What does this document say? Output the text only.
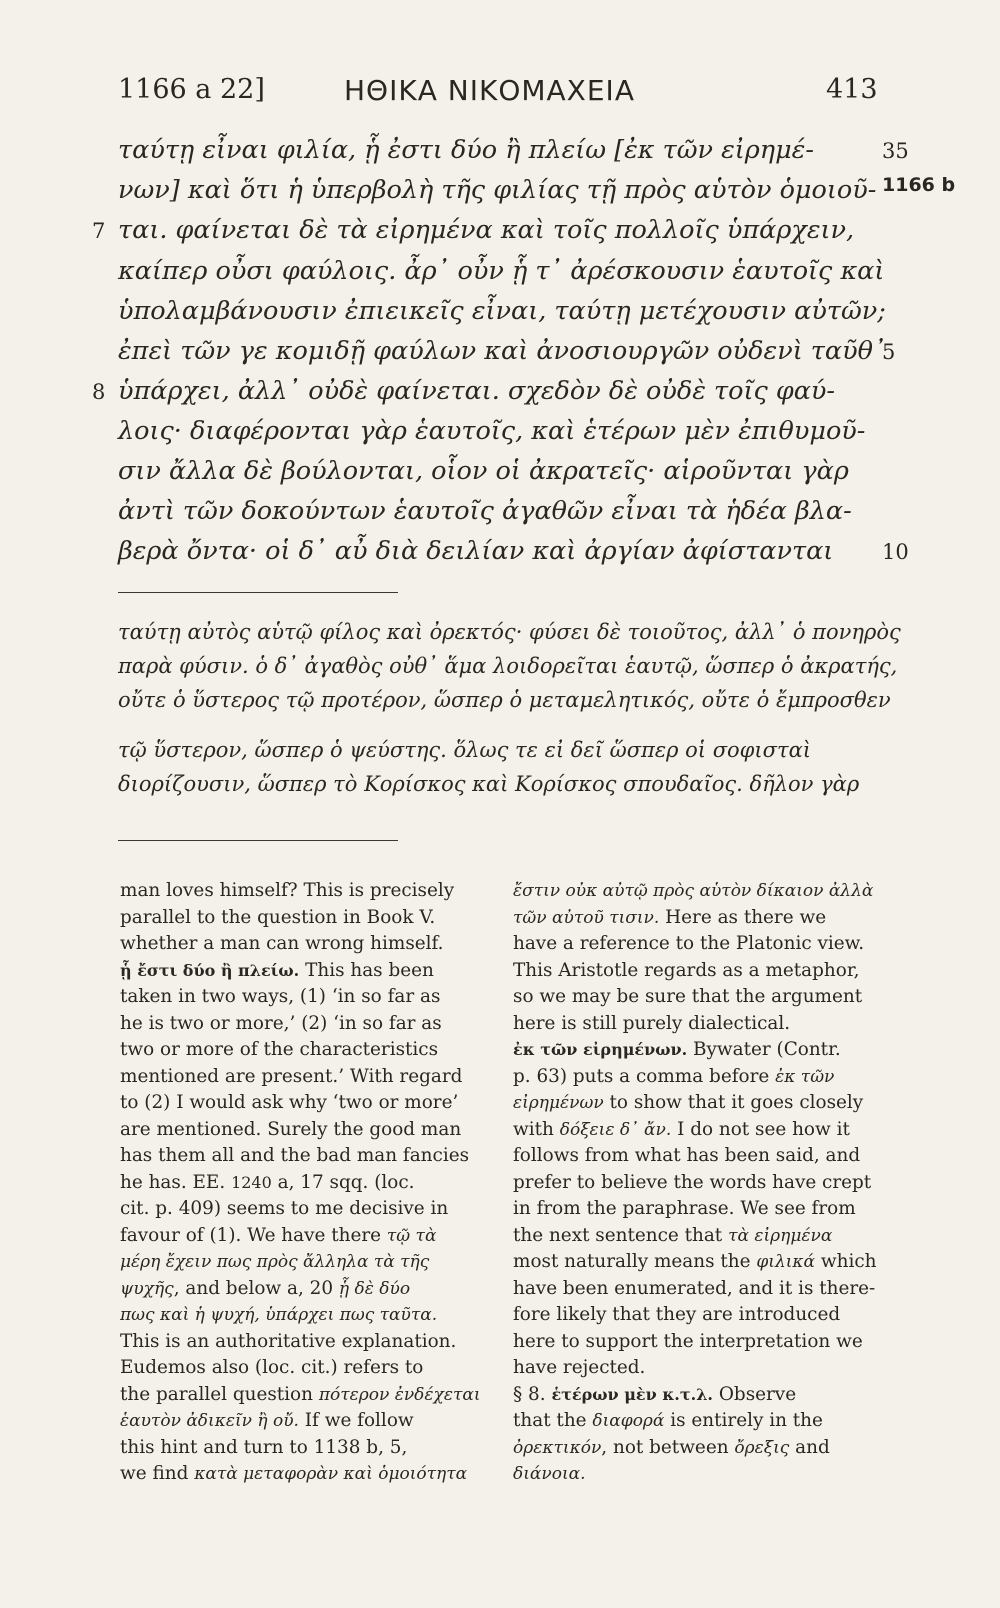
1166 a 22]	ΗΘΙΚΑ ΝΙΚΟΜΑΧΕΙΑ	413
ταύτῃ εἶναι φιλία, ᾗ ἐστι δύο ἢ πλείω [ἐκ τῶν εἰρημέ-
νων] καὶ ὅτι ἡ ὑπερβολὴ τῆς φιλίας τῇ πρὸς αὑτὸν ὁμοιοῦ-
ται. φαίνεται δὲ τὰ εἰρημένα καὶ τοῖς πολλοῖς ὑπάρχειν,
καίπερ οὖσι φαύλοις. ἆρ᾽ οὖν ᾗ τ᾽ ἀρέσκουσιν ἑαυτοῖς καὶ
ὑπολαμβάνουσιν ἐπιεικεῖς εἶναι, ταύτῃ μετέχουσιν αὐτῶν;
ἐπεὶ τῶν γε κομιδῇ φαύλων καὶ ἀνοσιουργῶν οὐδενὶ ταῦθ᾽
ὑπάρχει, ἀλλ᾽ οὐδὲ φαίνεται. σχεδὸν δὲ οὐδὲ τοῖς φαύ-
λοις· διαφέρονται γὰρ ἑαυτοῖς, καὶ ἑτέρων μὲν ἐπιθυμοῦ-
σιν ἄλλα δὲ βούλονται, οἷον οἱ ἀκρατεῖς· αἱροῦνται γὰρ
ἀντὶ τῶν δοκούντων ἑαυτοῖς ἀγαθῶν εἶναι τὰ ἡδέα βλα-
βερὰ ὄντα· οἱ δ᾽ αὖ διὰ δειλίαν καὶ ἀργίαν ἀφίστανται
7
8
35
1166 b
5
10
ταύτῃ αὐτὸς αὑτῷ φίλος καὶ ὀρεκτός· φύσει δὲ τοιοῦτος, ἀλλ᾽ ὁ πονηρὸς
παρὰ φύσιν. ὁ δ᾽ ἀγαθὸς οὐθ᾽ ἅμα λοιδορεῖται ἑαυτῷ, ὥσπερ ὁ ἀκρατής,
οὔτε ὁ ὕστερος τῷ προτέρον, ὥσπερ ὁ μεταμελητικός, οὔτε ὁ ἔμπροσθεν
τῷ ὕστερον, ὥσπερ ὁ ψεύστης. ὅλως τε εἰ δεῖ ὥσπερ οἱ σοφισταὶ
διορίζουσιν, ὥσπερ τὸ Κορίσκος καὶ Κορίσκος σπουδαῖος. δῆλον γὰρ
man loves himself? This is precisely
parallel to the question in Book V.
whether a man can wrong himself.
ᾗ ἔστι δύο ἢ πλείω. This has been
taken in two ways, (1) ‘in so far as
he is two or more,’ (2) ‘in so far as
two or more of the characteristics
mentioned are present.’ With regard
to (2) I would ask why ‘two or more’
are mentioned. Surely the good man
has them all and the bad man fancies
he has. EE. 1240 a, 17 sqq. (loc.
cit. p. 409) seems to me decisive in
favour of (1). We have there τῷ τὰ
μέρη ἔχειν πως πρὸς ἄλληλα τὰ τῆς
ψυχῆς, and below a, 20 ᾗ δὲ δύο
πως καὶ ἡ ψυχή, ὑπάρχει πως ταῦτα.
This is an authoritative explanation.
Eudemos also (loc. cit.) refers to
the parallel question πότερον ἐνδέχεται
ἑαυτὸν ἀδικεῖν ἢ οὔ. If we follow
this hint and turn to 1138 b, 5,
we find κατὰ μεταφορὰν καὶ ὁμοιότητα
ἔστιν οὐκ αὐτῷ πρὸς αὑτὸν δίκαιον ἀλλὰ
τῶν αὐτοῦ τισιν. Here as there we
have a reference to the Platonic view.
This Aristotle regards as a metaphor,
so we may be sure that the argument
here is still purely dialectical.
ἐκ τῶν εἰρημένων. Bywater (Contr.
p. 63) puts a comma before ἐκ τῶν
εἰρημένων to show that it goes closely
with δόξειε δ᾽ ἄν. I do not see how it
follows from what has been said, and
prefer to believe the words have crept
in from the paraphrase. We see from
the next sentence that τὰ εἰρημένα
most naturally means the φιλικά which
have been enumerated, and it is there-
fore likely that they are introduced
here to support the interpretation we
have rejected.
§ 8. ἑτέρων μὲν κ.τ.λ. Observe
that the διαφορά is entirely in the
ὀρεκτικόν, not between ὄρεξις and
διάνοια.
